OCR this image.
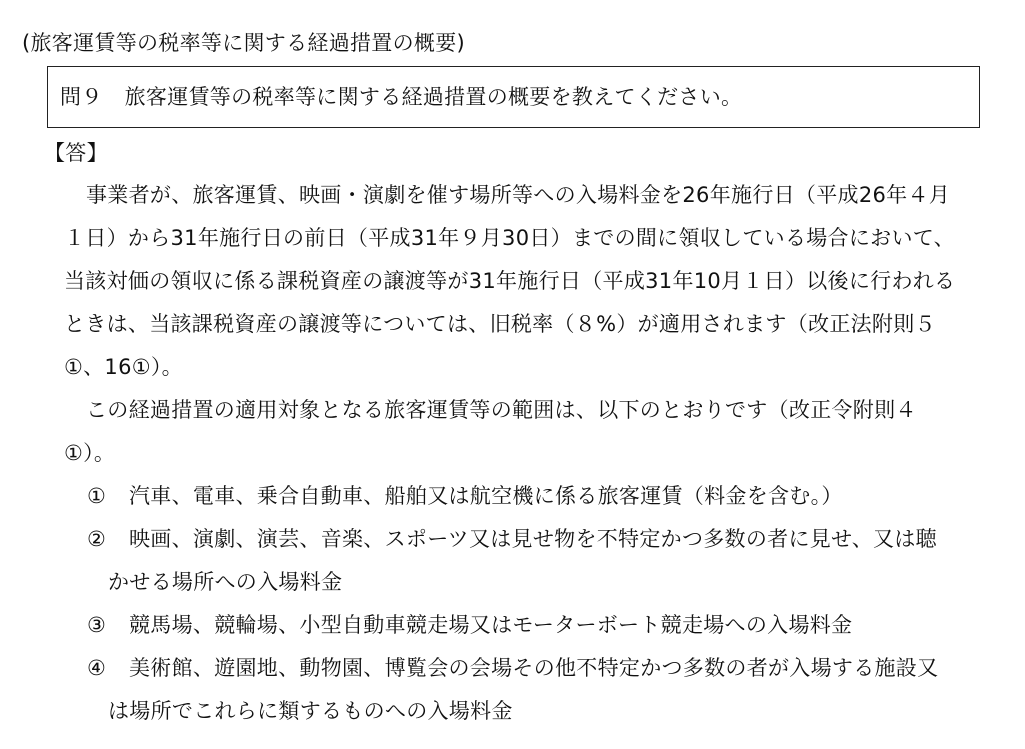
(旅客運賃等の税率等に関する経過措置の概要)
問９ 旅客運賃等の税率等に関する経過措置の概要を教えてください。
【答】
事業者が、旅客運賃、映画・演劇を催す場所等への入場料金を26年施行日（平成26年４月
１日）から31年施行日の前日（平成31年９月30日）までの間に領収している場合において、
当該対価の領収に係る課税資産の譲渡等が31年施行日（平成31年10月１日）以後に行われる
ときは、当該課税資産の譲渡等については、旧税率（８%）が適用されます（改正法附則５
①、16①）。
この経過措置の適用対象となる旅客運賃等の範囲は、以下のとおりです（改正令附則４
①）。
① 汽車、電車、乗合自動車、船舶又は航空機に係る旅客運賃（料金を含む。）
② 映画、演劇、演芸、音楽、スポーツ又は見せ物を不特定かつ多数の者に見せ、又は聴
かせる場所への入場料金
③ 競馬場、競輪場、小型自動車競走場又はモーターボート競走場への入場料金
④ 美術館、遊園地、動物園、博覧会の会場その他不特定かつ多数の者が入場する施設又
は場所でこれらに類するものへの入場料金
